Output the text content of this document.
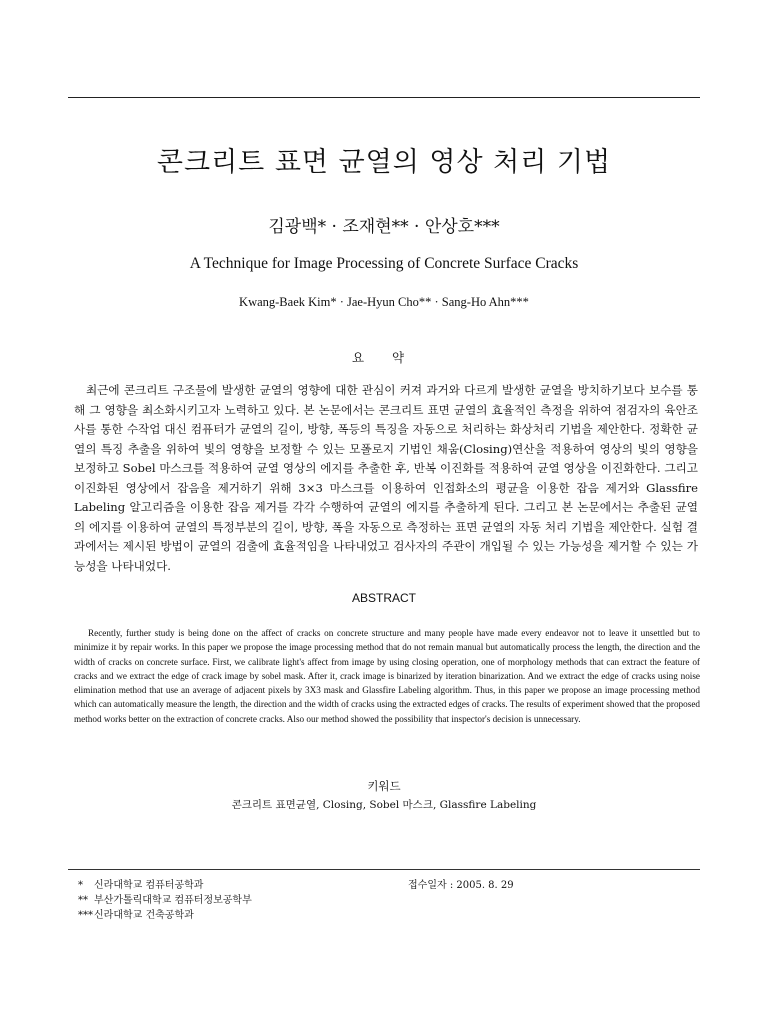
콘크리트 표면 균열의 영상 처리 기법

김광백* · 조재현** · 안상호***

A Technique for Image Processing of Concrete Surface Cracks

Kwang-Baek Kim* · Jae-Hyun Cho** · Sang-Ho Ahn***

요 약

최근에 콘크리트 구조물에 발생한 균열의 영향에 대한 관심이 커져 과거와 다르게 발생한 균열을 방치하기보다 보수를 통해 그 영향을 최소화시키고자 노력하고 있다. 본 논문에서는 콘크리트 표면 균열의 효율적인 측정을 위하여 점검자의 육안조사를 통한 수작업 대신 컴퓨터가 균열의 길이, 방향, 폭등의 특징을 자동으로 처리하는 화상처리 기법을 제안한다. 정확한 균열의 특징 추출을 위하여 빛의 영향을 보정할 수 있는 모폴로지 기법인 채움(Closing)연산을 적용하여 영상의 빛의 영향을 보정하고 Sobel 마스크를 적용하여 균열 영상의 에지를 추출한 후, 반복 이진화를 적용하여 균열 영상을 이진화한다. 그리고 이진화된 영상에서 잡음을 제거하기 위해 3×3 마스크를 이용하여 인접화소의 평균을 이용한 잡음 제거와 Glassfire Labeling 알고리즘을 이용한 잡음 제거를 각각 수행하여 균열의 에지를 추출하게 된다. 그리고 본 논문에서는 추출된 균열의 에지를 이용하여 균열의 특정부분의 길이, 방향, 폭을 자동으로 측정하는 표면 균열의 자동 처리 기법을 제안한다. 실험 결과에서는 제시된 방법이 균열의 검출에 효율적임을 나타내었고 검사자의 주관이 개입될 수 있는 가능성을 제거할 수 있는 가능성을 나타내었다.

ABSTRACT

Recently, further study is being done on the affect of cracks on concrete structure and many people have made every endeavor not to leave it unsettled but to minimize it by repair works. In this paper we propose the image processing method that do not remain manual but automatically process the length, the direction and the width of cracks on concrete surface. First, we calibrate light's affect from image by using closing operation, one of morphology methods that can extract the feature of cracks and we extract the edge of crack image by sobel mask. After it, crack image is binarized by iteration binarization. And we extract the edge of cracks using noise elimination method that use an average of adjacent pixels by 3X3 mask and Glassfire Labeling algorithm. Thus, in this paper we propose an image processing method which can automatically measure the length, the direction and the width of cracks using the extracted edges of cracks. The results of experiment showed that the proposed method works better on the extraction of concrete cracks. Also our method showed the possibility that inspector's decision is unnecessary.

키워드

콘크리트 표면균열, Closing, Sobel 마스크, Glassfire Labeling

*	신라대학교 컴퓨터공학과
** 부산가톨릭대학교 컴퓨터정보공학부
*** 신라대학교 건축공학과

접수일자 : 2005. 8. 29
